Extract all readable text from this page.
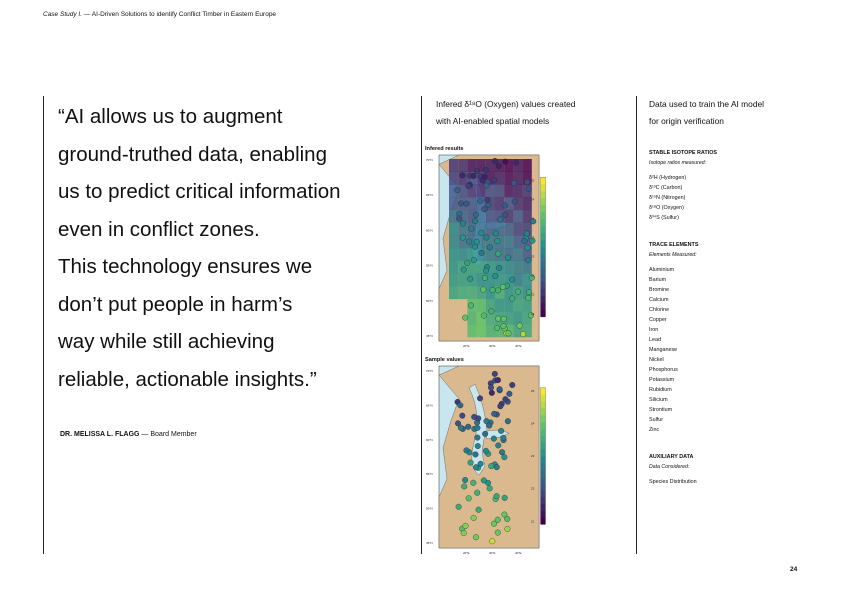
Case Study I. — AI-Driven Solutions to identify Conflict Timber in Eastern Europe
“AI allows us to augment
ground-truthed data, enabling
us to predict critical information
even in conflict zones.
This technology ensures we
don’t put people in harm’s
way while still achieving
reliable, actionable insights.”
DR. MELISSA L. FLAGG — Board Member
Infered δ¹⁸O (Oxygen) values created
with AI-enabled spatial models
Infered results
25
24
24
23
23
22
22
21
70°N
65°N
60°N
55°N
50°N
45°N
20°E	30°E	40°E
Sample values
25
24
23
22
21
70°N
65°N
60°N
55°N
50°N
45°N
20°E	30°E	40°E
Data used to train the AI model
for origin verification
STABLE ISOTOPE RATIOS
Isotope ratios measured:
δ²H (Hydrogen)
δ¹³C (Carbon)
δ¹⁵N (Nitrogen)
δ¹⁸O (Oxygen)
δ³⁴S (Sulfur)
TRACE ELEMENTS
Elements Measured:
Aluminium
Barium
Bromine
Calcium
Chlorine
Copper
Iron
Lead
Manganese
Nickel
Phosphorus
Potassium
Rubidium
Silicium
Strontium
Sulfur
Zinc
AUXILIARY DATA
Data Considered:
Species Distribution
24
